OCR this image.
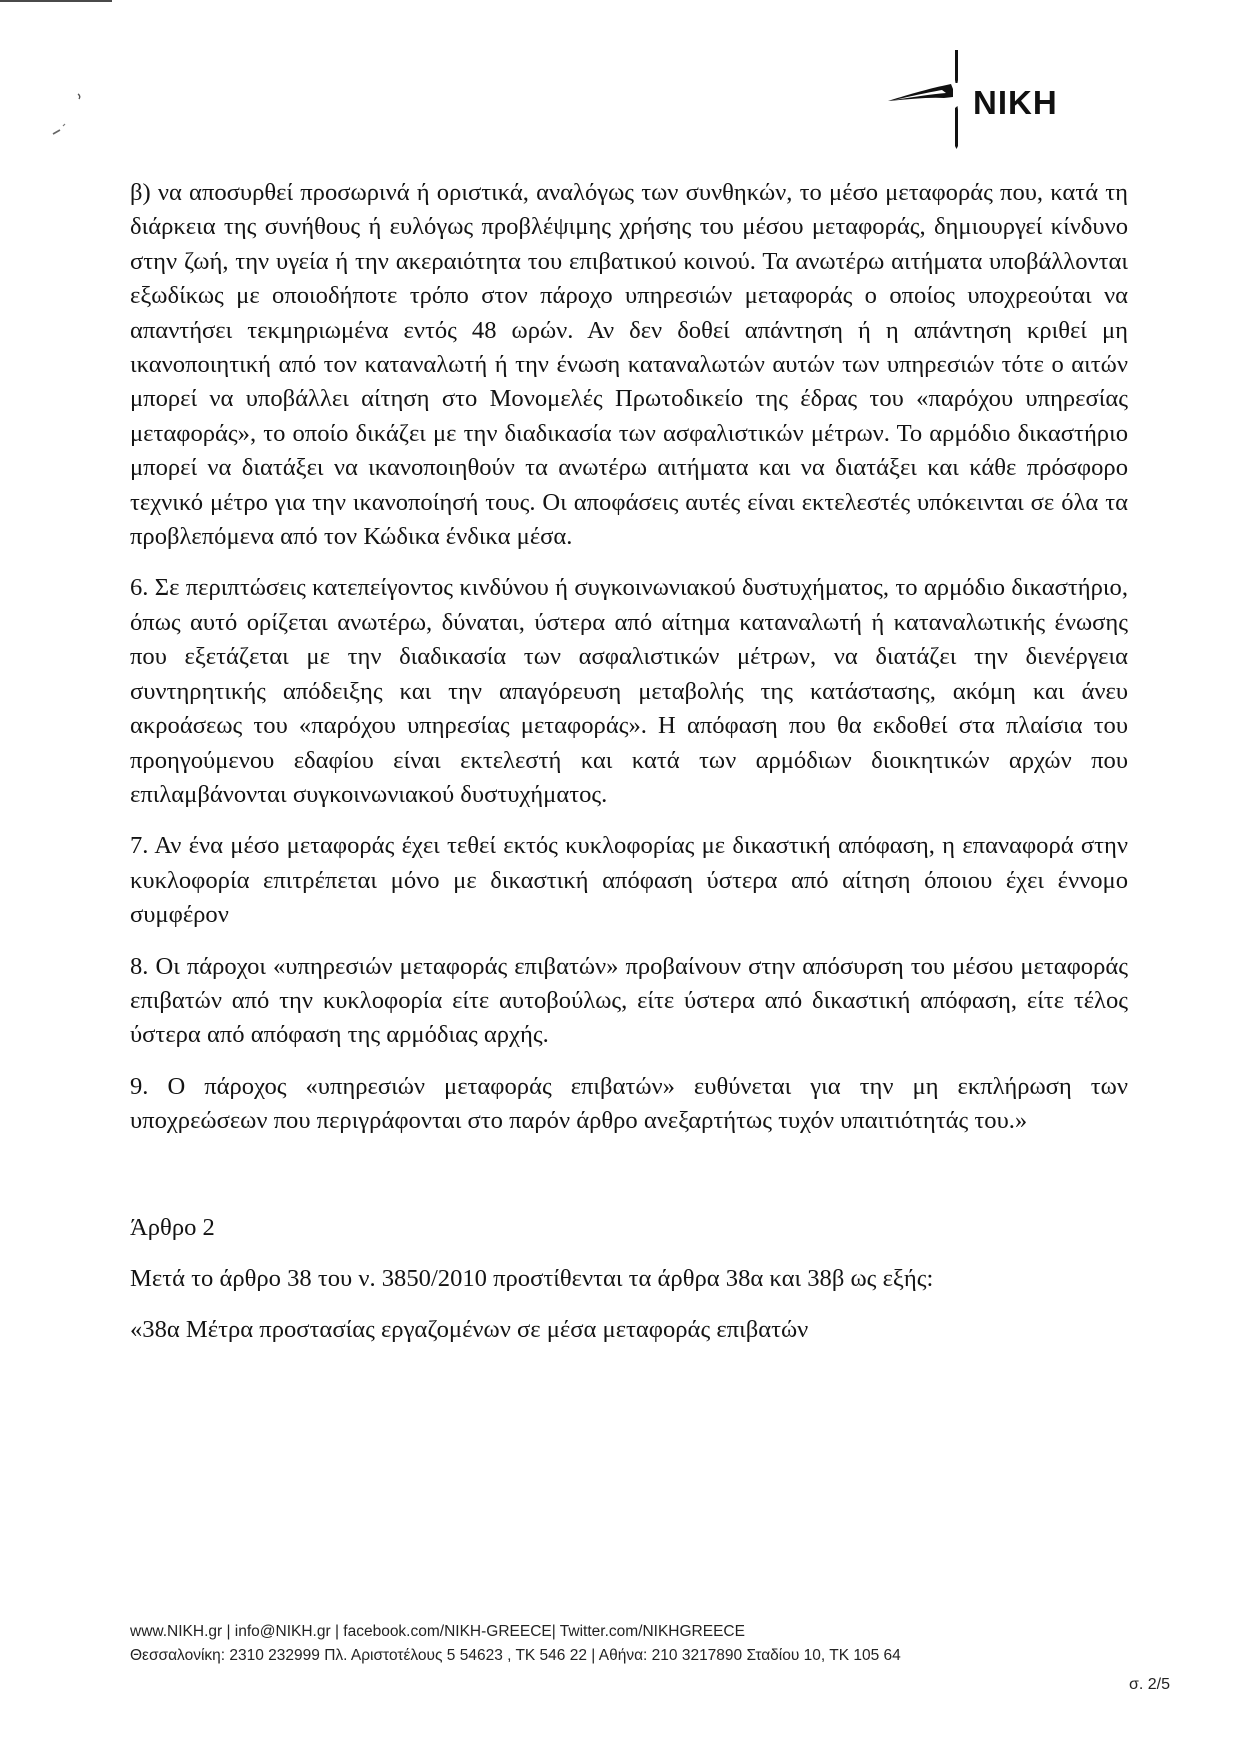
NIKH

β) να αποσυρθεί προσωρινά ή οριστικά, αναλόγως των συνθηκών, το μέσο μεταφοράς που, κατά τη διάρκεια της συνήθους ή ευλόγως προβλέψιμης χρήσης του μέσου μεταφοράς, δημιουργεί κίνδυνο στην ζωή, την υγεία ή την ακεραιότητα του επιβατικού κοινού. Τα ανωτέρω αιτήματα υποβάλλονται εξωδίκως με οποιοδήποτε τρόπο στον πάροχο υπηρεσιών μεταφοράς ο οποίος υποχρεούται να απαντήσει τεκμηριωμένα εντός 48 ωρών. Αν δεν δοθεί απάντηση ή η απάντηση κριθεί μη ικανοποιητική από τον καταναλωτή ή την ένωση καταναλωτών αυτών των υπηρεσιών τότε ο αιτών μπορεί να υποβάλλει αίτηση στο Μονομελές Πρωτοδικείο της έδρας του «παρόχου υπηρεσίας μεταφοράς», το οποίο δικάζει με την διαδικασία των ασφαλιστικών μέτρων. Το αρμόδιο δικαστήριο μπορεί να διατάξει να ικανοποιηθούν τα ανωτέρω αιτήματα και να διατάξει και κάθε πρόσφορο τεχνικό μέτρο για την ικανοποίησή τους. Οι αποφάσεις αυτές είναι εκτελεστές υπόκεινται σε όλα τα προβλεπόμενα από τον Κώδικα ένδικα μέσα.

6. Σε περιπτώσεις κατεπείγοντος κινδύνου ή συγκοινωνιακού δυστυχήματος, το αρμόδιο δικαστήριο, όπως αυτό ορίζεται ανωτέρω, δύναται, ύστερα από αίτημα καταναλωτή ή καταναλωτικής ένωσης που εξετάζεται με την διαδικασία των ασφαλιστικών μέτρων, να διατάζει την διενέργεια συντηρητικής απόδειξης και την απαγόρευση μεταβολής της κατάστασης, ακόμη και άνευ ακροάσεως του «παρόχου υπηρεσίας μεταφοράς». Η απόφαση που θα εκδοθεί στα πλαίσια του προηγούμενου εδαφίου είναι εκτελεστή και κατά των αρμόδιων διοικητικών αρχών που επιλαμβάνονται συγκοινωνιακού δυστυχήματος.

7. Αν ένα μέσο μεταφοράς έχει τεθεί εκτός κυκλοφορίας με δικαστική απόφαση, η επαναφορά στην κυκλοφορία επιτρέπεται μόνο με δικαστική απόφαση ύστερα από αίτηση όποιου έχει έννομο συμφέρον

8. Οι πάροχοι «υπηρεσιών μεταφοράς επιβατών» προβαίνουν στην απόσυρση του μέσου μεταφοράς επιβατών από την κυκλοφορία είτε αυτοβούλως, είτε ύστερα από δικαστική απόφαση, είτε τέλος ύστερα από απόφαση της αρμόδιας αρχής.

9. Ο πάροχος «υπηρεσιών μεταφοράς επιβατών» ευθύνεται για την μη εκπλήρωση των υποχρεώσεων που περιγράφονται στο παρόν άρθρο ανεξαρτήτως τυχόν υπαιτιότητάς του.»

Άρθρο 2

Μετά το άρθρο 38 του ν. 3850/2010 προστίθενται τα άρθρα 38α και 38β ως εξής:

«38α Μέτρα προστασίας εργαζομένων σε μέσα μεταφοράς επιβατών

www.NIKH.gr | info@NIKH.gr | facebook.com/NIKH-GREECE| Twitter.com/NIKHGREECE
Θεσσαλονίκη: 2310 232999 Πλ. Αριστοτέλους 5 54623 , ΤΚ 546 22 | Αθήνα: 210 3217890 Σταδίου 10, ΤΚ 105 64
σ. 2/5
